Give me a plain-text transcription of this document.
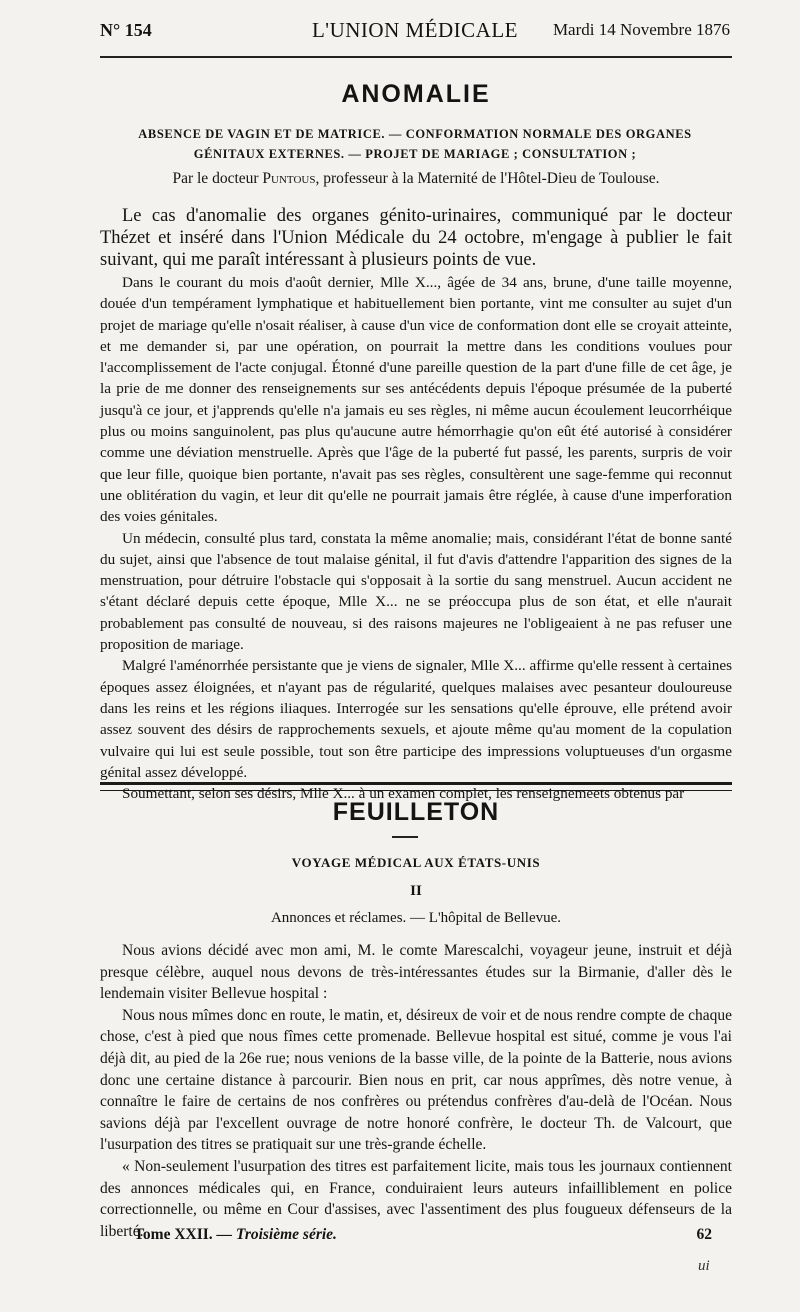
N° 154	L'UNION MÉDICALE	Mardi 14 Novembre 1876
ANOMALIE
ABSENCE DE VAGIN ET DE MATRICE. — CONFORMATION NORMALE DES ORGANES GÉNITAUX EXTERNES. — PROJET DE MARIAGE ; CONSULTATION ;
Par le docteur Puntous, professeur à la Maternité de l'Hôtel-Dieu de Toulouse.

Le cas d'anomalie des organes génito-urinaires, communiqué par le docteur Thézet et inséré dans l'Union Médicale du 24 octobre, m'engage à publier le fait suivant, qui me paraît intéressant à plusieurs points de vue.

Dans le courant du mois d'août dernier, Mlle X..., âgée de 34 ans, brune, d'une taille moyenne, douée d'un tempérament lymphatique et habituellement bien portante, vint me consulter au sujet d'un projet de mariage qu'elle n'osait réaliser, à cause d'un vice de conformation dont elle se croyait atteinte, et me demander si, par une opération, on pourrait la mettre dans les conditions voulues pour l'accomplissement de l'acte conjugal. Étonné d'une pareille question de la part d'une fille de cet âge, je la prie de me donner des renseignements sur ses antécédents depuis l'époque présumée de la puberté jusqu'à ce jour, et j'apprends qu'elle n'a jamais eu ses règles, ni même aucun écoulement leucorrhéique plus ou moins sanguinolent, pas plus qu'aucune autre hémorrhagie qu'on eût été autorisé à considérer comme une déviation menstruelle. Après que l'âge de la puberté fut passé, les parents, surpris de voir que leur fille, quoique bien portante, n'avait pas ses règles, consultèrent une sage-femme qui reconnut une oblitération du vagin, et leur dit qu'elle ne pourrait jamais être réglée, à cause d'une imperforation des voies génitales.

Un médecin, consulté plus tard, constata la même anomalie; mais, considérant l'état de bonne santé du sujet, ainsi que l'absence de tout malaise génital, il fut d'avis d'attendre l'apparition des signes de la menstruation, pour détruire l'obstacle qui s'opposait à la sortie du sang menstruel. Aucun accident ne s'étant déclaré depuis cette époque, Mlle X... ne se préoccupa plus de son état, et elle n'aurait probablement pas consulté de nouveau, si des raisons majeures ne l'obligeaient à ne pas refuser une proposition de mariage.

Malgré l'aménorrhée persistante que je viens de signaler, Mlle X... affirme qu'elle ressent à certaines époques assez éloignées, et n'ayant pas de régularité, quelques malaises avec pesanteur douloureuse dans les reins et les régions iliaques. Interrogée sur les sensations qu'elle éprouve, elle prétend avoir assez souvent des désirs de rapprochements sexuels, et ajoute même qu'au moment de la copulation vulvaire qui lui est seule possible, tout son être participe des impressions voluptueuses d'un orgasme génital assez développé.

Soumettant, selon ses désirs, Mlle X... à un examen complet, les renseignemeets obtenus par

FEUILLETON
VOYAGE MÉDICAL AUX ÉTATS-UNIS
II
Annonces et réclames. — L'hôpital de Bellevue.

Nous avions décidé avec mon ami, M. le comte Marescalchi, voyageur jeune, instruit et déjà presque célèbre, auquel nous devons de très-intéressantes études sur la Birmanie, d'aller dès le lendemain visiter Bellevue hospital :

Nous nous mîmes donc en route, le matin, et, désireux de voir et de nous rendre compte de chaque chose, c'est à pied que nous fîmes cette promenade. Bellevue hospital est situé, comme je vous l'ai déjà dit, au pied de la 26e rue; nous venions de la basse ville, de la pointe de la Batterie, nous avions donc une certaine distance à parcourir. Bien nous en prit, car nous apprîmes, dès notre venue, à connaître le faire de certains de nos confrères ou prétendus confrères d'au-delà de l'Océan. Nous savions déjà par l'excellent ouvrage de notre honoré confrère, le docteur Th. de Valcourt, que l'usurpation des titres se pratiquait sur une très-grande échelle.

« Non-seulement l'usurpation des titres est parfaitement licite, mais tous les journaux contiennent des annonces médicales qui, en France, conduiraient leurs auteurs infailliblement en police correctionnelle, ou même en Cour d'assises, avec l'assentiment des plus fougueux défenseurs de la liberté.

Tome XXII. — Troisième série.	62
ui
